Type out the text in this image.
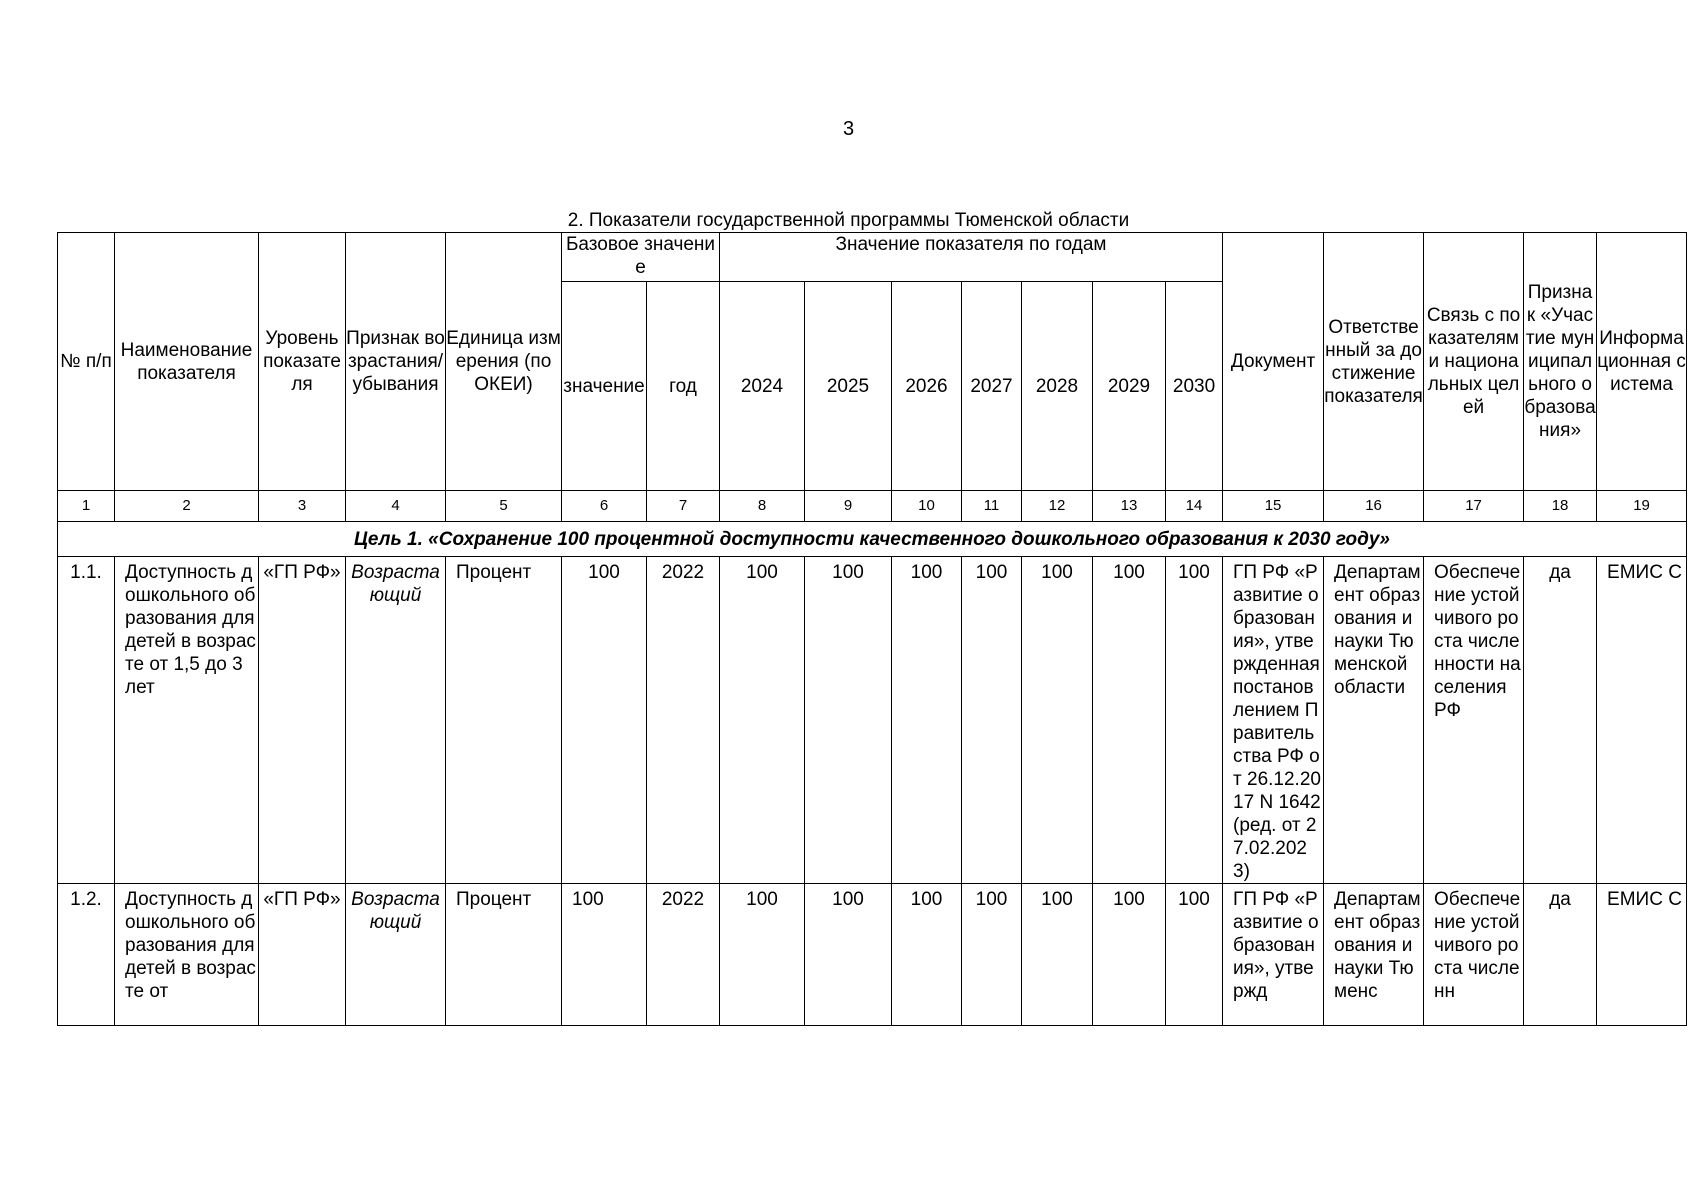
3
2. Показатели государственной программы Тюменской области
№ п/п	Наименование показателя	Уровень показателя	Признак возрастания/ убывания	Единица измерения (по ОКЕИ)	Базовое значение		Значение показателя по годам							Документ	Ответственный за достижение показателя	Связь с показателями национальных целей	Признак «Участие муниципального образования»	Информационная система
					значение	год	2024	2025	2026	2027	2028	2029	2030					
1	2	3	4	5	6	7	8	9	10	11	12	13	14	15	16	17	18	19
Цель 1. «Сохранение 100 процентной доступности качественного дошкольного образования к 2030 году»																		
1.1.	Доступность дошкольного образования для детей в возрасте от 1,5 до 3 лет	«ГП РФ»	Возрастающий	Процент	100	2022	100	100	100	100	100	100	100	ГП РФ «Развитие образования», утвержденная постановлением Правительства РФ от 26.12.2017 N 1642 (ред. от 27.02.2023)	Департамент образования и науки Тюменской области	Обеспечение устойчивого роста численности населения РФ	да	ЕМИС С

1.2.	Доступность дошкольного образования для детей в возрасте от	«ГП РФ»	Возрастающий	Процент	100	2022	100	100	100	100	100	100	100	ГП РФ «Развитие образования», утвержд	Департамент образования и науки Тюменс	Обеспечение устойчивого роста численн	да	ЕМИС С
